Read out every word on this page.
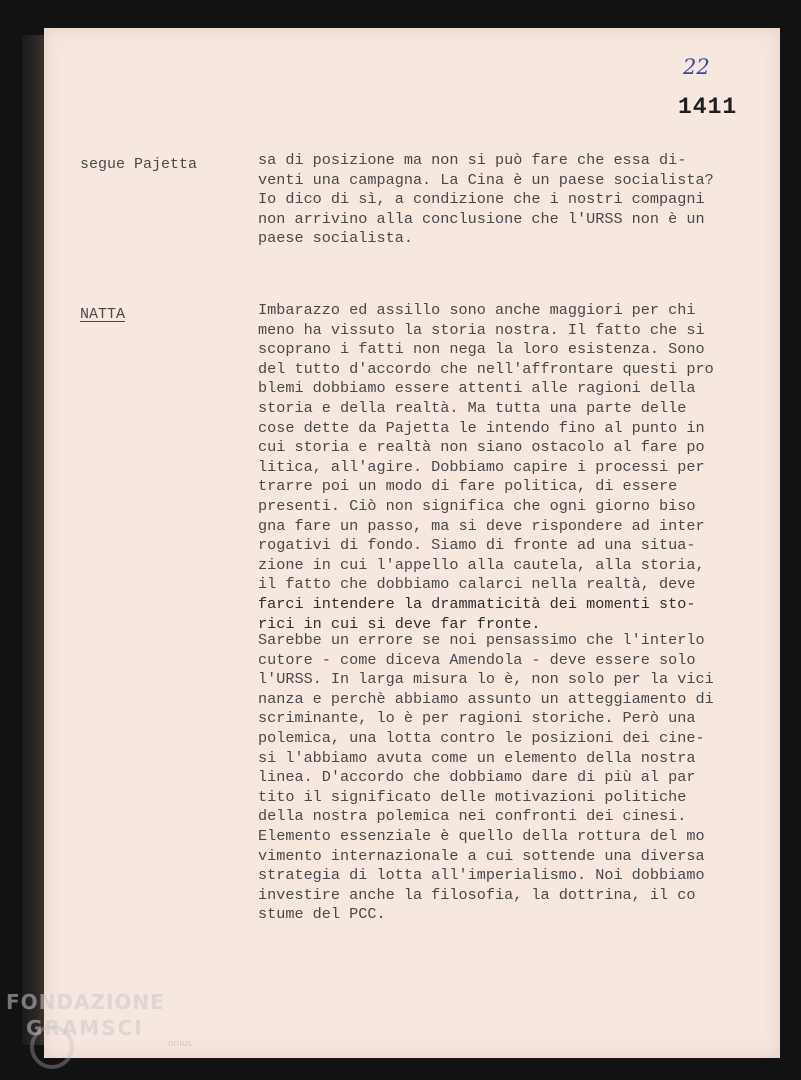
22
1411
segue Pajetta	sa di posizione ma non si può fare che essa di-
venti una campagna. La Cina è un paese socialista?
Io dico di sì, a condizione che i nostri compagni
non arrivino alla conclusione che l'URSS non è un
paese socialista.
NATTA	Imbarazzo ed assillo sono anche maggiori per chi
meno ha vissuto la storia nostra. Il fatto che si
scoprano i fatti non nega la loro esistenza. Sono
del tutto d'accordo che nell'affrontare questi pro
blemi dobbiamo essere attenti alle ragioni della
storia e della realtà. Ma tutta una parte delle
cose dette da Pajetta le intendo fino al punto in
cui storia e realtà non siano ostacolo al fare po
litica, all'agire. Dobbiamo capire i processi per
trarre poi un modo di fare politica, di essere
presenti. Ciò non significa che ogni giorno biso
gna fare un passo, ma si deve rispondere ad inter
rogativi di fondo. Siamo di fronte ad una situa-
zione in cui l'appello alla cautela, alla storia,
il fatto che dobbiamo calarci nella realtà, deve
farci intendere la drammaticità dei momenti sto-
rici in cui si deve far fronte.
Sarebbe un errore se noi pensassimo che l'interlo
cutore - come diceva Amendola - deve essere solo
l'URSS. In larga misura lo è, non solo per la vici
nanza e perchè abbiamo assunto un atteggiamento di
scriminante, lo è per ragioni storiche. Però una
polemica, una lotta contro le posizioni dei cine-
si l'abbiamo avuta come un elemento della nostra
linea. D'accordo che dobbiamo dare di più al par
tito il significato delle motivazioni politiche
della nostra polemica nei confronti dei cinesi.
Elemento essenziale è quello della rottura del mo
vimento internazionale a cui sottende una diversa
strategia di lotta all'imperialismo. Noi dobbiamo
investire anche la filosofia, la dottrina, il co
stume del PCC.
FONDAZIONE
GRAMSCI
onlus
